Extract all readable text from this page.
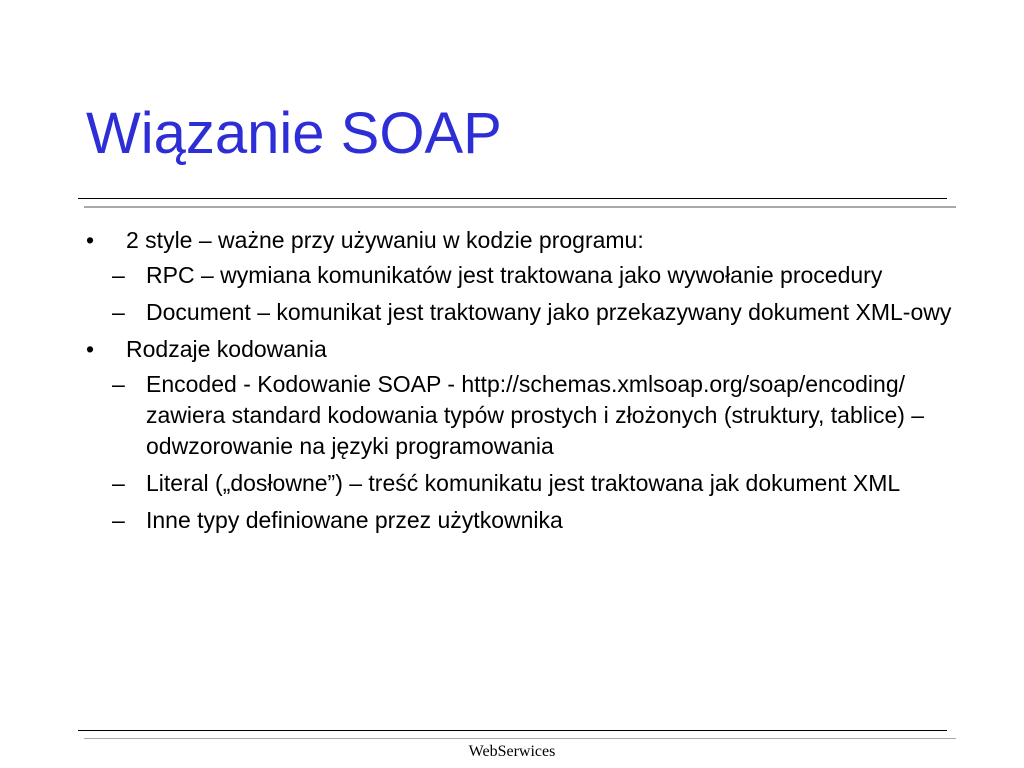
Wiązanie SOAP
• 2 style – ważne przy używaniu w kodzie programu:
– RPC – wymiana komunikatów jest traktowana jako wywołanie procedury
– Document – komunikat jest traktowany jako przekazywany dokument XML-owy
• Rodzaje kodowania
– Encoded - Kodowanie SOAP - http://schemas.xmlsoap.org/soap/encoding/ zawiera standard kodowania typów prostych i złożonych (struktury, tablice) – odwzorowanie na języki programowania
– Literal („dosłowne”) – treść komunikatu jest traktowana jak dokument XML
– Inne typy definiowane przez użytkownika
WebSerwices
